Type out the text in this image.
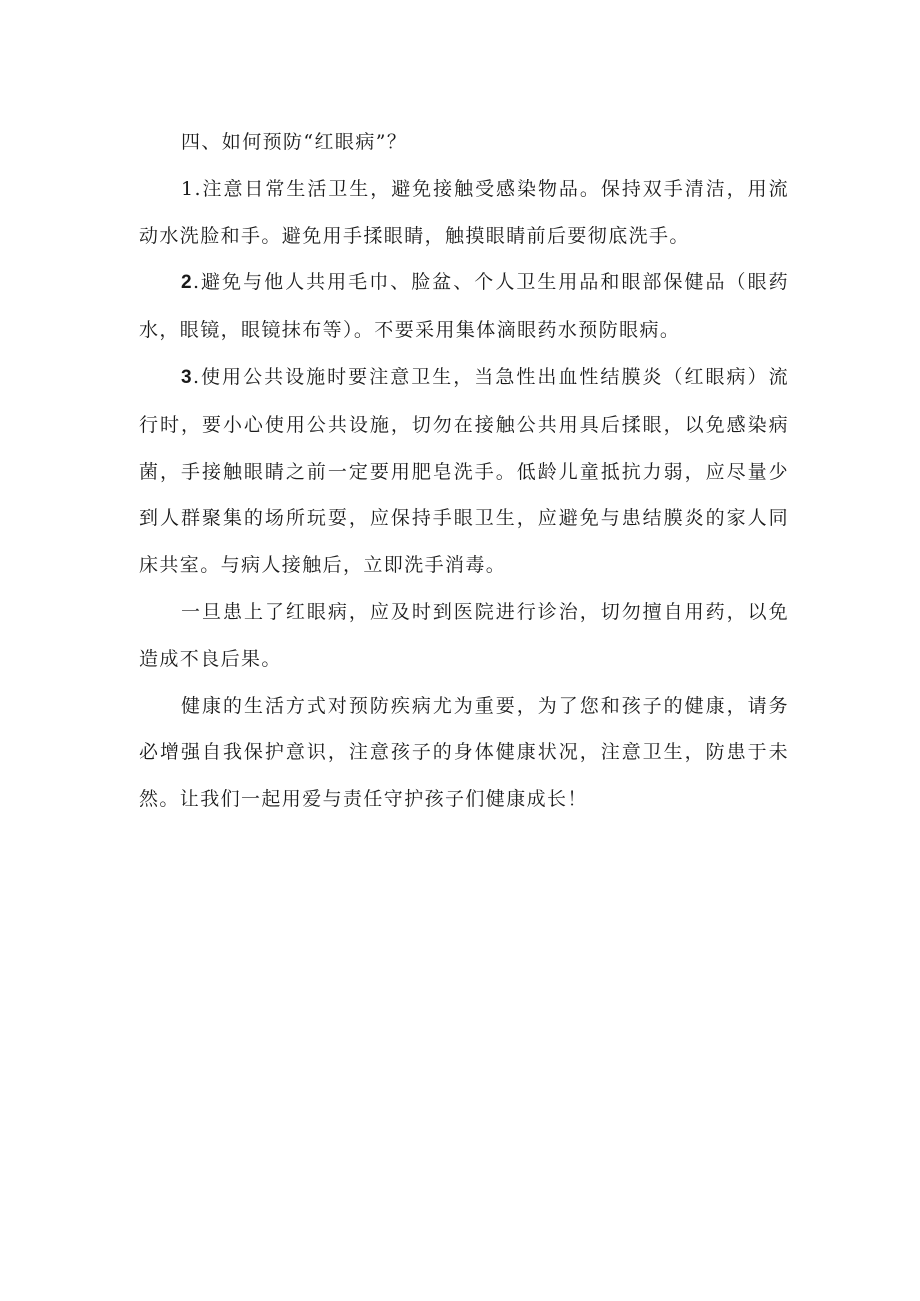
四、如何预防“红眼病”？

1.注意日常生活卫生，避免接触受感染物品。保持双手清洁，用流动水洗脸和手。避免用手揉眼睛，触摸眼睛前后要彻底洗手。

2.避免与他人共用毛巾、脸盆、个人卫生用品和眼部保健品（眼药水，眼镜，眼镜抹布等）。不要采用集体滴眼药水预防眼病。

3.使用公共设施时要注意卫生，当急性出血性结膜炎（红眼病）流行时，要小心使用公共设施，切勿在接触公共用具后揉眼，以免感染病菌，手接触眼睛之前一定要用肥皂洗手。低龄儿童抵抗力弱，应尽量少到人群聚集的场所玩耍，应保持手眼卫生，应避免与患结膜炎的家人同床共室。与病人接触后，立即洗手消毒。

一旦患上了红眼病，应及时到医院进行诊治，切勿擅自用药，以免造成不良后果。

健康的生活方式对预防疾病尤为重要，为了您和孩子的健康，请务必增强自我保护意识，注意孩子的身体健康状况，注意卫生，防患于未然。让我们一起用爱与责任守护孩子们健康成长！
